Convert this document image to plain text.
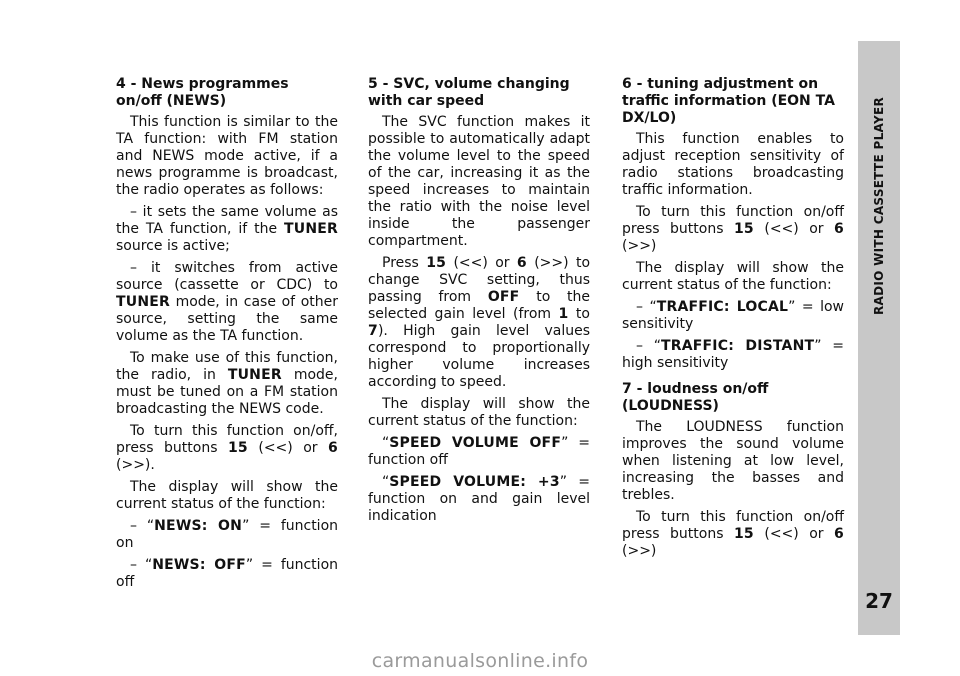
4 - News programmes on/off (NEWS)
This function is similar to the TA function: with FM station and NEWS mode active, if a news programme is broadcast, the radio operates as follows:
– it sets the same volume as the TA function, if the TUNER source is active;
– it switches from active source (cassette or CDC) to TUNER mode, in case of other source, setting the same volume as the TA function.
To make use of this function, the radio, in TUNER mode, must be tuned on a FM station broadcasting the NEWS code.
To turn this function on/off, press buttons 15 (<<) or 6 (>>).
The display will show the current status of the function:
– “NEWS: ON” = function on
– “NEWS: OFF” = function off
5 - SVC, volume changing with car speed
The SVC function makes it possible to automatically adapt the volume level to the speed of the car, increasing it as the speed increases to maintain the ratio with the noise level inside the passenger compartment.
Press 15 (<<) or 6 (>>) to change SVC setting, thus passing from OFF to the selected gain level (from 1 to 7). High gain level values correspond to proportionally higher volume increases according to speed.
The display will show the current status of the function:
“SPEED VOLUME OFF” = function off
“SPEED VOLUME: +3” = function on and gain level indication
6 - tuning adjustment on traffic information (EON TA DX/LO)
This function enables to adjust reception sensitivity of radio stations broadcasting traffic information.
To turn this function on/off press buttons 15 (<<) or 6 (>>)
The display will show the current status of the function:
– “TRAFFIC: LOCAL” = low sensitivity
– “TRAFFIC: DISTANT” = high sensitivity
7 - loudness on/off (LOUDNESS)
The LOUDNESS function improves the sound volume when listening at low level, increasing the basses and trebles.
To turn this function on/off press buttons 15 (<<) or 6 (>>)
RADIO WITH CASSETTE PLAYER
27
carmanualsonline.info
